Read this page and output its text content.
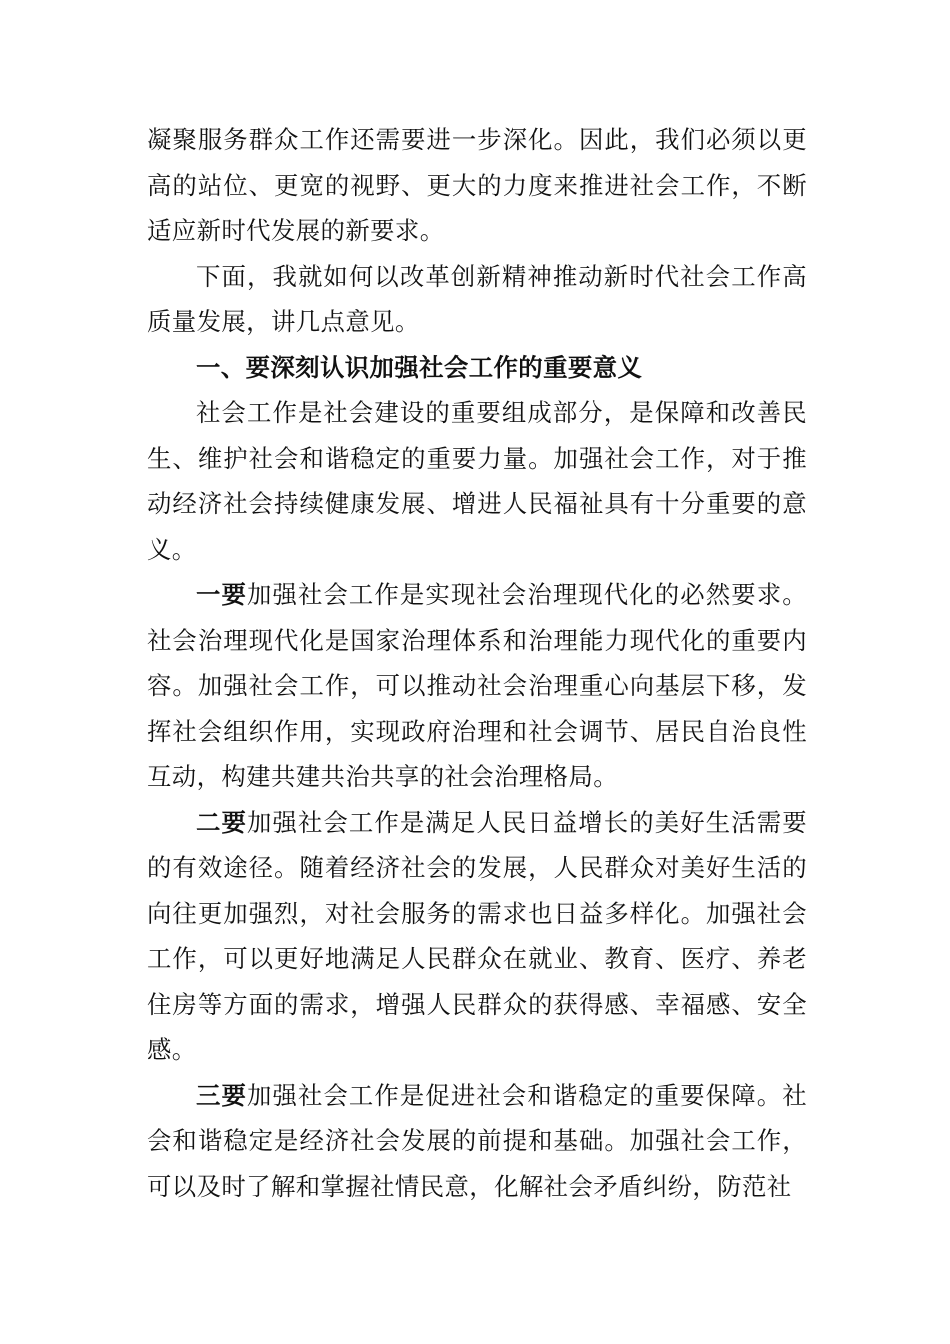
凝聚服务群众工作还需要进一步深化。因此，我们必须以更高的站位、更宽的视野、更大的力度来推进社会工作，不断适应新时代发展的新要求。

下面，我就如何以改革创新精神推动新时代社会工作高质量发展，讲几点意见。

一、要深刻认识加强社会工作的重要意义

社会工作是社会建设的重要组成部分，是保障和改善民生、维护社会和谐稳定的重要力量。加强社会工作，对于推动经济社会持续健康发展、增进人民福祉具有十分重要的意义。

一要加强社会工作是实现社会治理现代化的必然要求。社会治理现代化是国家治理体系和治理能力现代化的重要内容。加强社会工作，可以推动社会治理重心向基层下移，发挥社会组织作用，实现政府治理和社会调节、居民自治良性互动，构建共建共治共享的社会治理格局。

二要加强社会工作是满足人民日益增长的美好生活需要的有效途径。随着经济社会的发展，人民群众对美好生活的向往更加强烈，对社会服务的需求也日益多样化。加强社会工作，可以更好地满足人民群众在就业、教育、医疗、养老住房等方面的需求，增强人民群众的获得感、幸福感、安全感。

三要加强社会工作是促进社会和谐稳定的重要保障。社会和谐稳定是经济社会发展的前提和基础。加强社会工作，可以及时了解和掌握社情民意，化解社会矛盾纠纷，防范社
